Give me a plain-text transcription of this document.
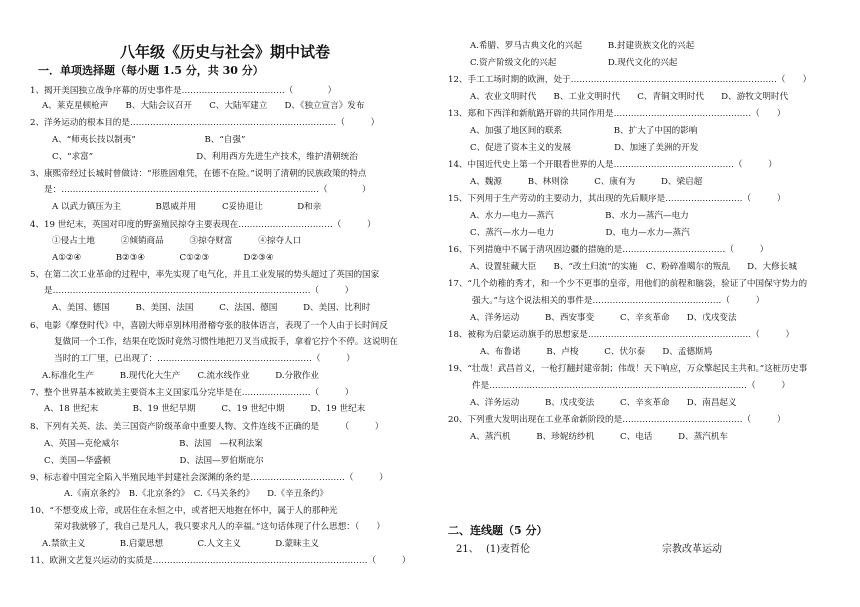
八年级《历史与社会》期中试卷
一．单项选择题（每小题 1.5 分，共 30 分）
1、揭开美国独立战争序幕的历史事件是………………………………（　　　　）
A、莱克星顿枪声　　B、大陆会议召开　　C、大陆军建立　　D、《独立宣言》发布
2、洋务运动的根本目的是………………………………………………………………（　　　）
A、“师夷长技以制夷”　　　　　　　　B、“自强”
C、“求富”　　　　　　　　　　　　D、利用西方先进生产技术，维护清朝统治
3、康熙帝经过长城时曾做诗：“形胜固难凭，在德不在险。”说明了清朝的民族政策的特点
是：………………………………………………………………………………（　　　　）
A 以武力镇压为主　　　　B恩威并用　　　C妥协退让　　　　D和亲
4、19 世纪末，英国对印度的野蛮殖民掠夺主要表现在……………………………（　　　）
①侵占土地　　　②倾销商品　　　③掠夺财富　　　④掠夺人口
A①②④　　　　B②③④　　　　C①②③　　　　D②③④
5、在第二次工业革命的过程中，率先实现了电气化，并且工业发展的势头超过了英国的国家
是………………………………………………………………………………（　　　）
A、美国、德国　　　B、美国、法国　　　C、法国、德国　　　D、美国、比利时
6、电影《摩登时代》中，喜剧大师卓别林用滑稽夸张的肢体语言，表现了一个人由于长时间反
复做同一个工作，结果在吃饭时竟然习惯性地把刀叉当成扳手，拿着它拧个不停。这说明在
当时的工厂里，已出现了：………………………………………………（　　　）
A.标准化生产　　　B.现代化大生产　　C.流水线作业　　　D.分散作业
7、整个世界基本被欧美主要资本主义国家瓜分完毕是在……………………（　　　）
A、18 世纪末　　　　B、19 世纪早期　　　C、19 世纪中期　　　D、19 世纪末
8、下列有关英、法、美三国资产阶级革命中重要人物、文件连线不正确的是　　　（　　　）
A、英国—克伦威尔　　　　　　　B、法国　—权利法案
C、美国—华盛顿　　　　　　　　D、法国—罗伯斯庇尔
9、标志着中国完全陷入半殖民地半封建社会深渊的条约是……………………………（　　　）
A.《南京条约》　B.《北京条约》　C.《马关条约》　　D.《辛丑条约》
10、“不想变成上帝，或居住在永恒之中，或者把天地抱在怀中，属于人的那种光
荣对我就够了，我自己是凡人，我只要求凡人的幸福。”这句话体现了什么思想：（　　）
A.禁欲主义　　　　B.启蒙思想　　　　C.人文主义　　　　D.蒙昧主义
11、欧洲文艺复兴运动的实质是…………………………………………………………………（　　　）
A.希腊、罗马古典文化的兴起　　　B.封建贵族文化的兴起
C.资产阶级文化的兴起　　　　　　D.现代文化的兴起
12、手工工场时期的欧洲，处于………………………………………………………………（　　）
A、农业文明时代　　B、工业文明时代　　C、青铜文明时代　　D、游牧文明时代
13、郑和下西洋和新航路开辟的共同作用是…………………………………………（　　）
A、加强了地区间的联系　　　　　　B、扩大了中国的影响
C、促进了资本主义的发展　　　　　D、加速了美洲的开发
14、中国近代史上第一个开眼看世界的人是……………………………………（　　　）
A、魏源　　　B、林则徐　　　C、康有为　　　D、梁启超
15、下列用于生产劳动的主要动力，其出现的先后顺序是………………………（　　　）
A、水力—电力—蒸汽　　　　　　B、水力—蒸汽—电力
C、蒸汽—水力—电力　　　　　　D、电力—水力—蒸汽
16、下列措施中不属于清巩固边疆的措施的是………………………………（　　　）
A、设置驻藏大臣　　B、“改土归流”的实施　C、粉碎准噶尔的叛乱　　D、大修长城
17、“几个幼稚的秀才，和一个少不更事的皇帝，用他们的前程和脑袋，验证了中国保守势力的
强大。”与这个说法相关的事件是………………………………………（　　　）
A、洋务运动　　　B、西安事变　　　C、辛亥革命　　D、戊戌变法
18、被称为启蒙运动旗手的思想家是…………………………………………………（　　　）
A、布鲁诺　　　B、卢梭　　　C、伏尔泰　　D、孟德斯鸠
19、“壮哉！武昌首义，一枪打翻封建帝制；伟哉！天下响应，万众擎起民主共和。”这桩历史事
件是………………………………………………………………………………（　　　）
A、洋务运动　　　B、戊戌变法　　　C、辛亥革命　　D、南昌起义
20、下列重大发明出现在工业革命新阶段的是……………………………………（　　　）
A、蒸汽机　　　B、珍妮纺纱机　　　C、电话　　　D、蒸汽机车
二、连线题（5 分）
21、 (1)麦哲伦	宗教改革运动
